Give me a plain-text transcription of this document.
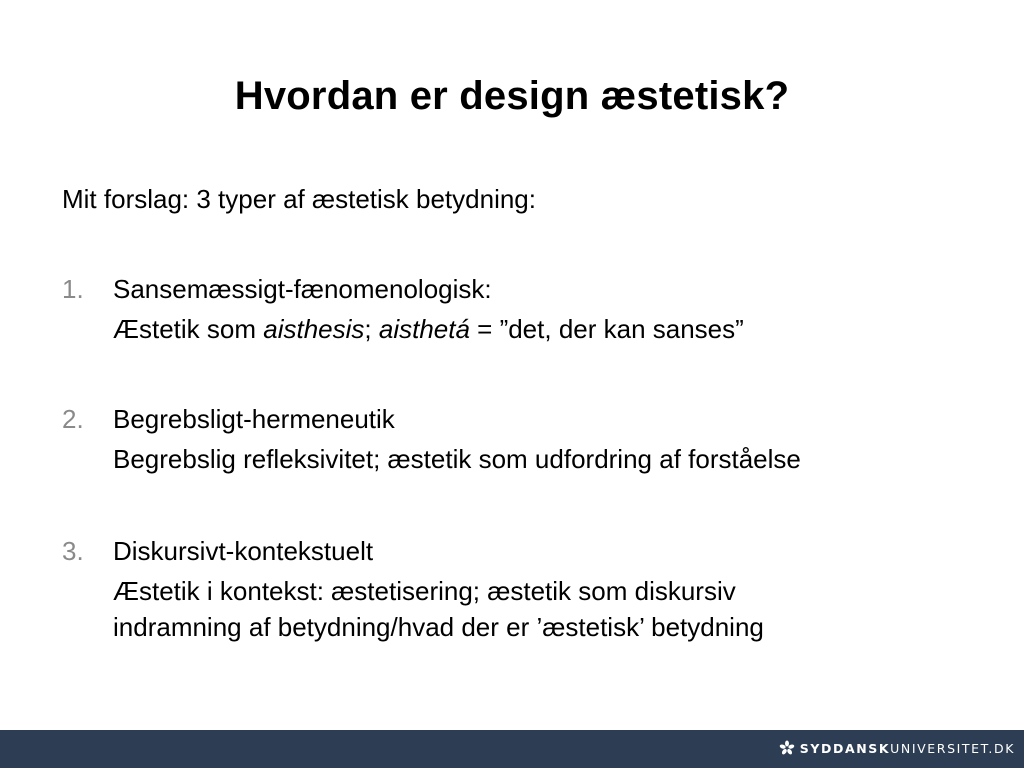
Hvordan er design æstetisk?
Mit forslag: 3 typer af æstetisk betydning:
1.	Sansemæssigt-fænomenologisk:
Æstetik som aisthesis; aisthetá = ”det, der kan sanses”
2.	Begrebsligt-hermeneutik
Begrebslig refleksivitet; æstetik som udfordring af forståelse
3.	Diskursivt-kontekstuelt
Æstetik i kontekst: æstetisering; æstetik som diskursiv
indramning af betydning/hvad der er ’æstetisk’ betydning
SYDDANSK UNIVERSITET.DK
